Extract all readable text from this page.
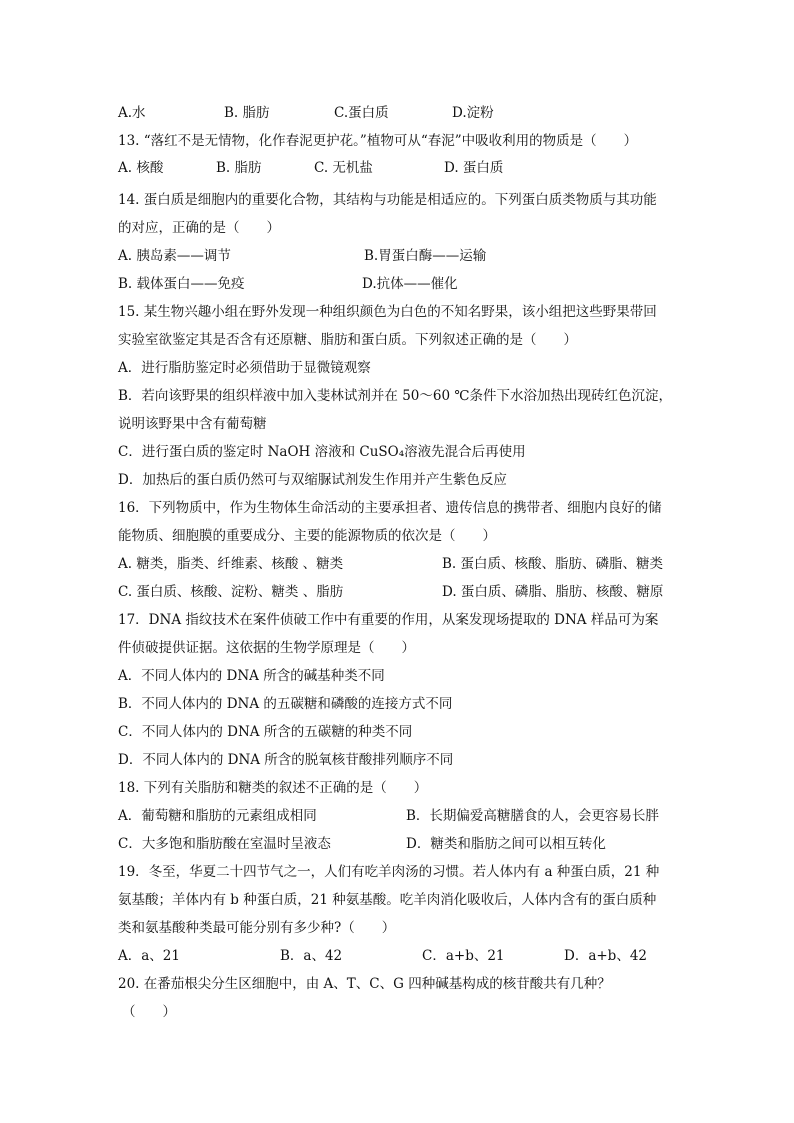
A.水	B. 脂肪	C.蛋白质	D.淀粉
13. “落红不是无情物，化作春泥更护花。”植物可从“春泥”中吸收利用的物质是（　　）
A. 核酸	B. 脂肪	C. 无机盐	D. 蛋白质
14. 蛋白质是细胞内的重要化合物，其结构与功能是相适应的。下列蛋白质类物质与其功能
的对应，正确的是（　　）
A. 胰岛素——调节	B.胃蛋白酶——运输
B. 载体蛋白——免疫	D.抗体——催化
15. 某生物兴趣小组在野外发现一种组织颜色为白色的不知名野果，该小组把这些野果带回
实验室欲鉴定其是否含有还原糖、脂肪和蛋白质。下列叙述正确的是（　　）
A．进行脂肪鉴定时必须借助于显微镜观察
B．若向该野果的组织样液中加入斐林试剂并在 50～60 ℃条件下水浴加热出现砖红色沉淀，
说明该野果中含有葡萄糖
C．进行蛋白质的鉴定时 NaOH 溶液和 CuSO₄溶液先混合后再使用
D．加热后的蛋白质仍然可与双缩脲试剂发生作用并产生紫色反应
16．下列物质中，作为生物体生命活动的主要承担者、遗传信息的携带者、细胞内良好的储
能物质、细胞膜的重要成分、主要的能源物质的依次是（　　）
A. 糖类，脂类、纤维素、核酸 、糖类	B. 蛋白质、核酸、脂肪、磷脂、糖类
C. 蛋白质、核酸、淀粉、糖类 、脂肪	D. 蛋白质、磷脂、脂肪、核酸、糖原
17．DNA 指纹技术在案件侦破工作中有重要的作用，从案发现场提取的 DNA 样品可为案
件侦破提供证据。这依据的生物学原理是（　　）
A．不同人体内的 DNA 所含的碱基种类不同
B．不同人体内的 DNA 的五碳糖和磷酸的连接方式不同
C．不同人体内的 DNA 所含的五碳糖的种类不同
D．不同人体内的 DNA 所含的脱氧核苷酸排列顺序不同
18. 下列有关脂肪和糖类的叙述不正确的是（　　）
A．葡萄糖和脂肪的元素组成相同	B．长期偏爱高糖膳食的人，会更容易长胖
C．大多饱和脂肪酸在室温时呈液态	D．糖类和脂肪之间可以相互转化
19．冬至，华夏二十四节气之一，人们有吃羊肉汤的习惯。若人体内有 a 种蛋白质，21 种
氨基酸；羊体内有 b 种蛋白质，21 种氨基酸。吃羊肉消化吸收后，人体内含有的蛋白质种
类和氨基酸种类最可能分别有多少种?（　　）
A．a、21	B．a、42	C．a+b、21	D．a+b、42
20. 在番茄根尖分生区细胞中，由 A、T、C、G 四种碱基构成的核苷酸共有几种？
（　　）
